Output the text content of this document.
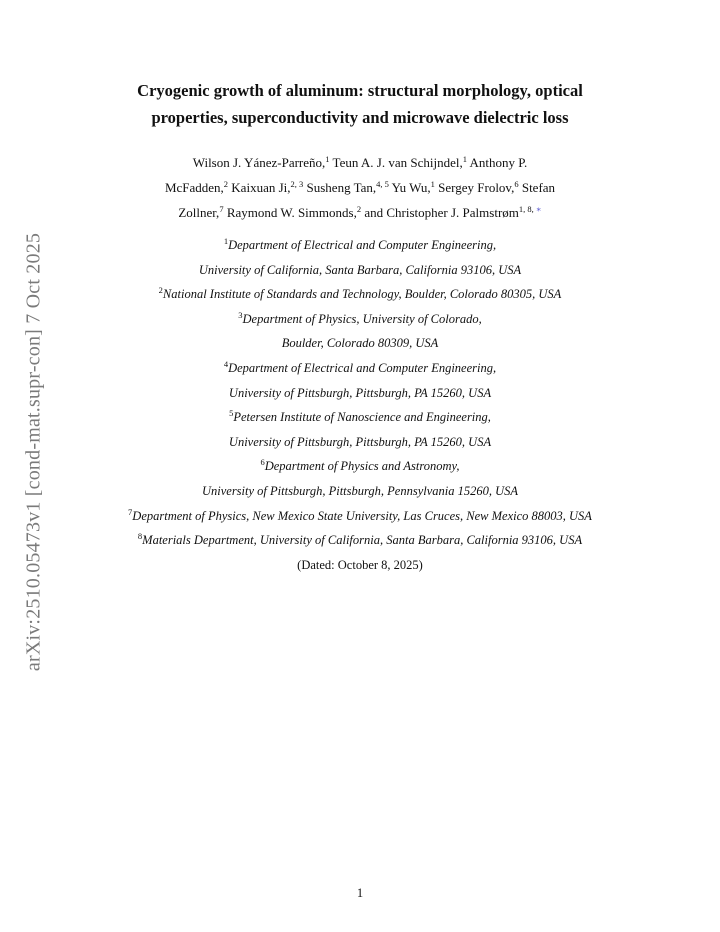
arXiv:2510.05473v1 [cond-mat.supr-con] 7 Oct 2025
Cryogenic growth of aluminum: structural morphology, optical
properties, superconductivity and microwave dielectric loss
Wilson J. Yánez-Parreño,$^1$ Teun A. J. van Schijndel,$^1$ Anthony P.
McFadden,$^2$ Kaixuan Ji,$^{2, 3}$ Susheng Tan,$^{4, 5}$ Yu Wu,$^1$ Sergey Frolov,$^6$ Stefan
Zollner,$^7$ Raymond W. Simmonds,$^2$ and Christopher J. Palmstrøm$^{1, 8, ∗}$
$^1$Department of Electrical and Computer Engineering,
University of California, Santa Barbara, California 93106, USA
$^2$National Institute of Standards and Technology, Boulder, Colorado 80305, USA
$^3$Department of Physics, University of Colorado,
Boulder, Colorado 80309, USA
$^4$Department of Electrical and Computer Engineering,
University of Pittsburgh, Pittsburgh, PA 15260, USA
$^5$Petersen Institute of Nanoscience and Engineering,
University of Pittsburgh, Pittsburgh, PA 15260, USA
$^6$Department of Physics and Astronomy,
University of Pittsburgh, Pittsburgh, Pennsylvania 15260, USA
$^7$Department of Physics, New Mexico State University, Las Cruces, New Mexico 88003, USA
$^8$Materials Department, University of California, Santa Barbara, California 93106, USA
(Dated: October 8, 2025)
1
